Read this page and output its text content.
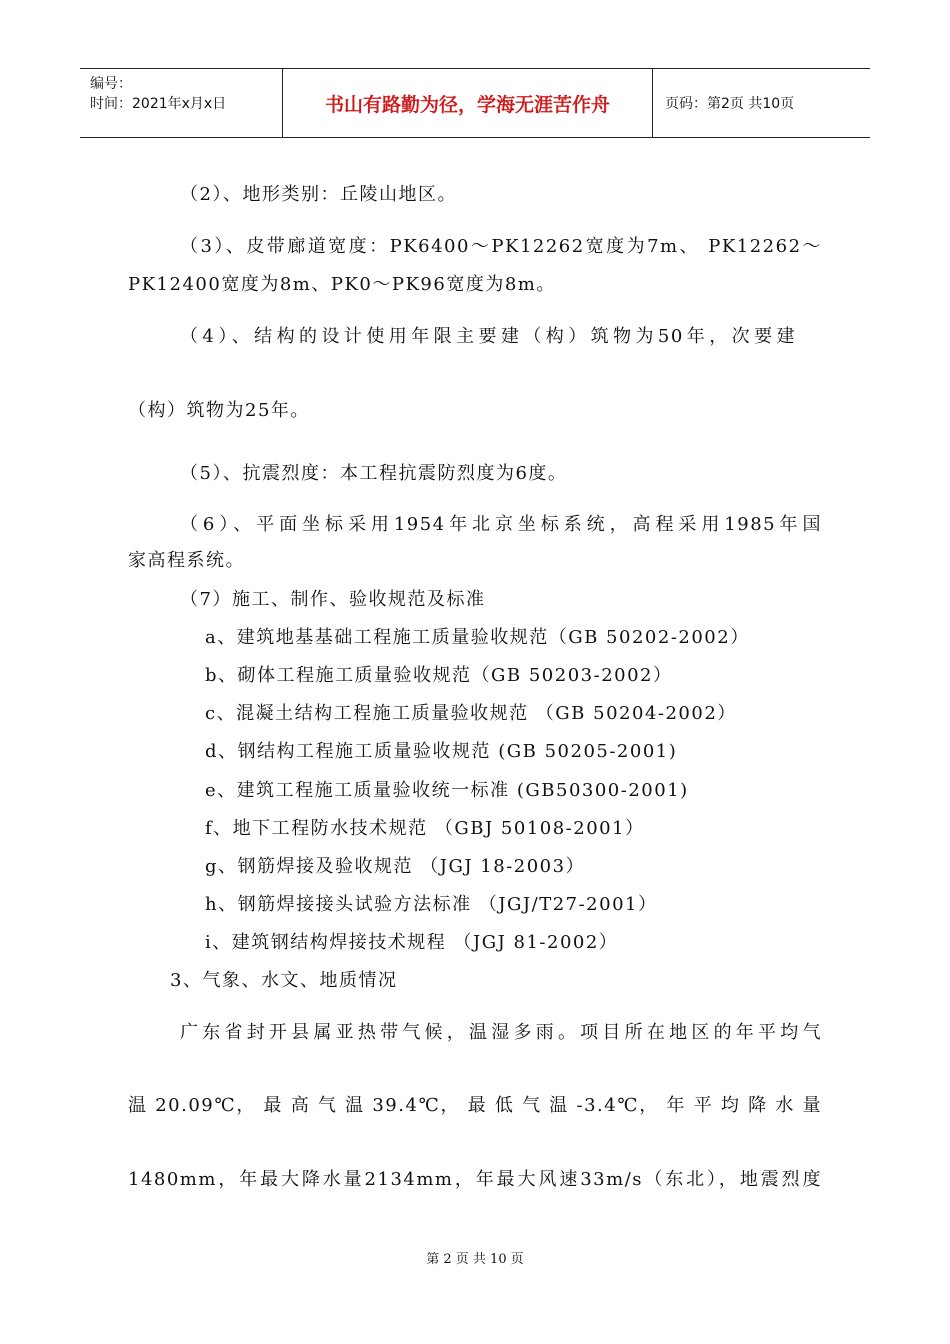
编号：
时间：2021年x月x日	书山有路勤为径，学海无涯苦作舟	页码：第2页 共10页
（2）、地形类别：丘陵山地区。
（3）、皮带廊道宽度：PK6400～PK12262宽度为7m、 PK12262～
PK12400宽度为8m、PK0～PK96宽度为8m。
（4）、结构的设计使用年限主要建（构）筑物为50年，次要建
（构）筑物为25年。
（5）、抗震烈度：本工程抗震防烈度为6度。
（6）、平面坐标采用1954年北京坐标系统，高程采用1985年国
家高程系统。
（7）施工、制作、验收规范及标准
a、建筑地基基础工程施工质量验收规范（GB 50202-2002）
b、砌体工程施工质量验收规范（GB 50203-2002）
c、混凝土结构工程施工质量验收规范 （GB 50204-2002）
d、钢结构工程施工质量验收规范 (GB 50205-2001)
e、建筑工程施工质量验收统一标准 (GB50300-2001)
f、地下工程防水技术规范 （GBJ 50108-2001）
g、钢筋焊接及验收规范 （JGJ 18-2003）
h、钢筋焊接接头试验方法标准 （JGJ/T27-2001）
i、建筑钢结构焊接技术规程 （JGJ 81-2002）
3、气象、水文、地质情况
广东省封开县属亚热带气候，温湿多雨。项目所在地区的年平均气
温 20.09℃， 最 高 气 温 39.4℃， 最 低 气 温 -3.4℃， 年 平 均 降 水 量
1480mm，年最大降水量2134mm，年最大风速33m/s（东北），地震烈度
第 2 页 共 10 页
